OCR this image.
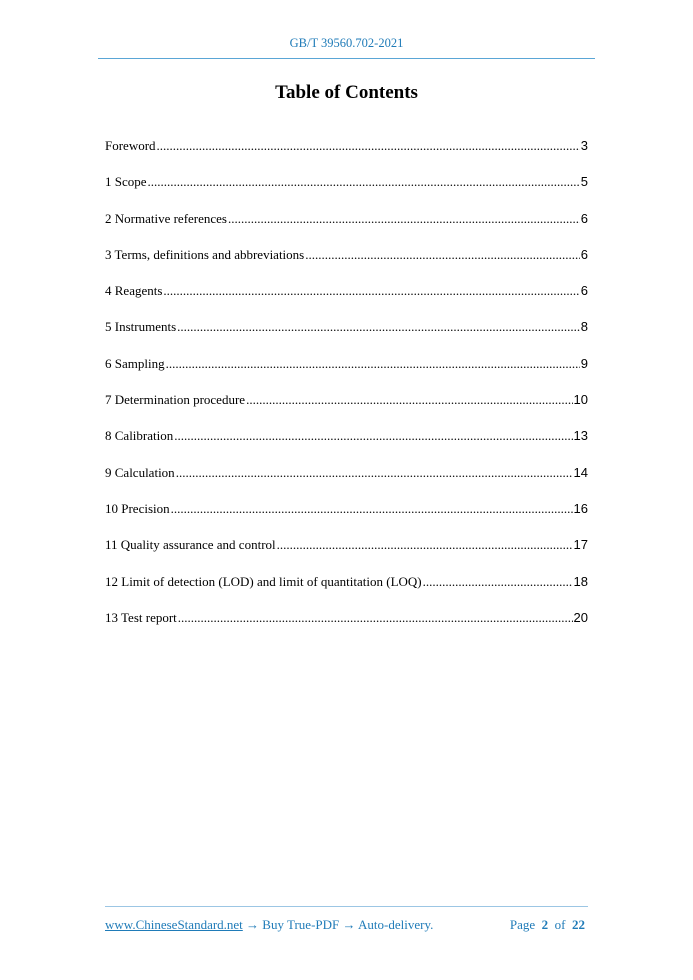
GB/T 39560.702-2021
Table of Contents
Foreword .....	3
1 Scope .....	5
2 Normative references .....	6
3 Terms, definitions and abbreviations .....	6
4 Reagents .....	6
5 Instruments .....	8
6 Sampling .....	9
7 Determination procedure .....	10
8 Calibration .....	13
9 Calculation .....	14
10 Precision .....	16
11 Quality assurance and control .....	17
12 Limit of detection (LOD) and limit of quantitation (LOQ) .....	18
13 Test report .....	20
www.ChineseStandard.net → Buy True-PDF → Auto-delivery.	Page 2 of 22
